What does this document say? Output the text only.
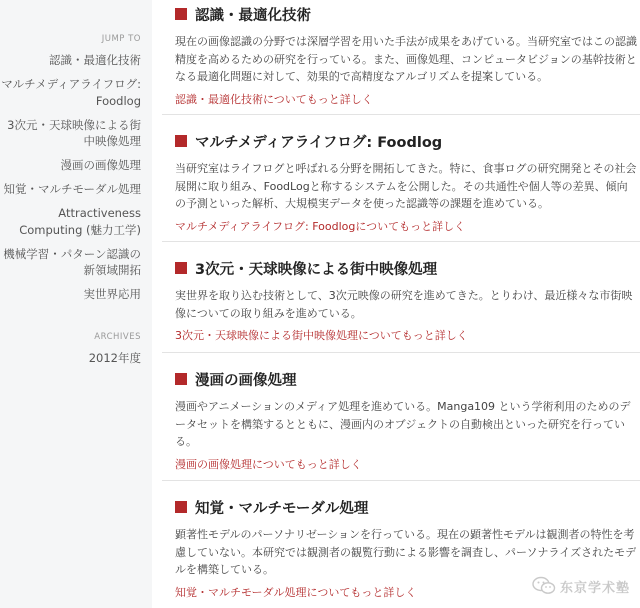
JUMP TO
認識・最適化技術
マルチメディアライフログ: Foodlog
3次元・天球映像による街中映像処理
漫画の画像処理
知覚・マルチモーダル処理
Attractiveness Computing (魅力工学)
機械学習・パターン認識の新領域開拓
実世界応用
ARCHIVES
2012年度
認識・最適化技術

現在の画像認識の分野では深層学習を用いた手法が成果をあげている。当研究室ではこの認識精度を高めるための研究を行っている。また、画像処理、コンピュータビジョンの基幹技術となる最適化問題に対して、効果的で高精度なアルゴリズムを提案している。

認識・最適化技術についてもっと詳しく
マルチメディアライフログ: Foodlog

当研究室はライフログと呼ばれる分野を開拓してきた。特に、食事ログの研究開発とその社会展開に取り組み、FoodLogと称するシステムを公開した。その共通性や個人等の差異、傾向の予測といった解析、大規模実データを使った認識等の課題を進めている。

マルチメディアライフログ: Foodlogについてもっと詳しく
3次元・天球映像による街中映像処理

実世界を取り込む技術として、3次元映像の研究を進めてきた。とりわけ、最近様々な市街映像についての取り組みを進めている。

3次元・天球映像による街中映像処理についてもっと詳しく
漫画の画像処理

漫画やアニメーションのメディア処理を進めている。Manga109 という学術利用のためのデータセットを構築するとともに、漫画内のオブジェクトの自動検出といった研究を行っている。

漫画の画像処理についてもっと詳しく
知覚・マルチモーダル処理

顕著性モデルのパーソナリゼーションを行っている。現在の顕著性モデルは観測者の特性を考慮していない。本研究では観測者の観覧行動による影響を調査し、パーソナライズされたモデルを構築している。

知覚・マルチモーダル処理についてもっと詳しく	东京学术塾
